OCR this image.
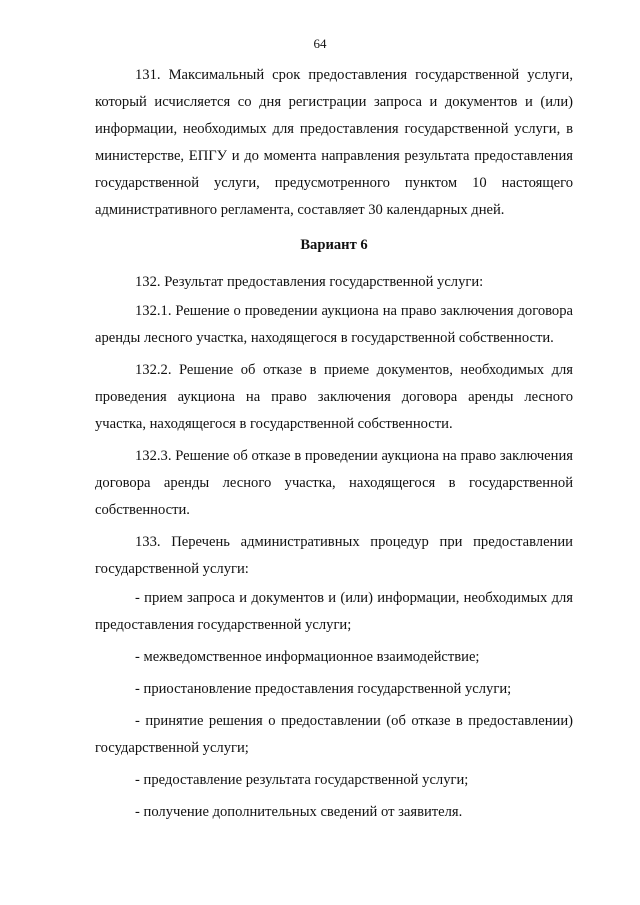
64

131. Максимальный срок предоставления государственной услуги, который исчисляется со дня регистрации запроса и документов и (или) информации, необходимых для предоставления государственной услуги, в министерстве, ЕПГУ и до момента направления результата предоставления государственной услуги, предусмотренного пунктом 10 настоящего административного регламента, составляет 30 календарных дней.

Вариант 6

132. Результат предоставления государственной услуги:

132.1. Решение о проведении аукциона на право заключения договора аренды лесного участка, находящегося в государственной собственности.

132.2. Решение об отказе в приеме документов, необходимых для проведения аукциона на право заключения договора аренды лесного участка, находящегося в государственной собственности.

132.3. Решение об отказе в проведении аукциона на право заключения договора аренды лесного участка, находящегося в государственной собственности.

133. Перечень административных процедур при предоставлении государственной услуги:

- прием запроса и документов и (или) информации, необходимых для предоставления государственной услуги;

- межведомственное информационное взаимодействие;

- приостановление предоставления государственной услуги;

- принятие решения о предоставлении (об отказе в предоставлении) государственной услуги;

- предоставление результата государственной услуги;

- получение дополнительных сведений от заявителя.
